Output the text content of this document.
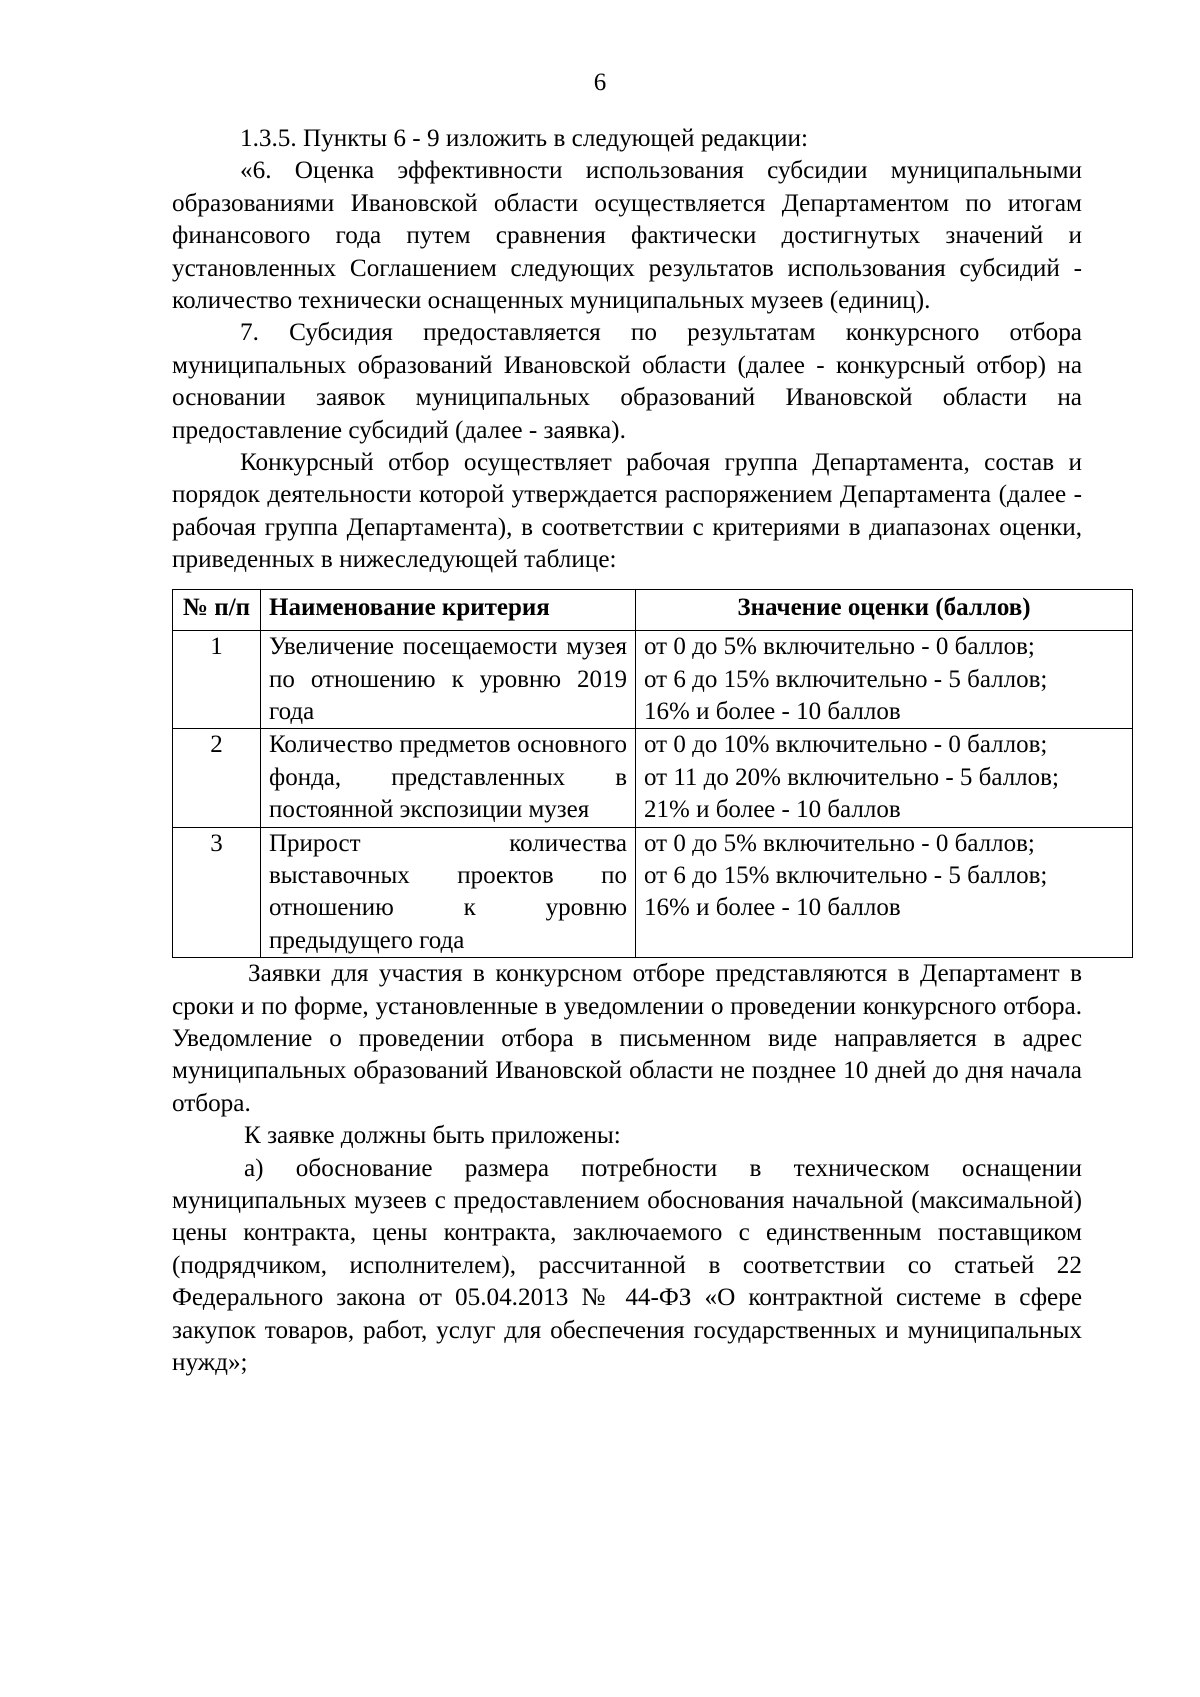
6

1.3.5. Пункты 6 - 9 изложить в следующей редакции:

«6. Оценка эффективности использования субсидии муниципальными образованиями Ивановской области осуществляется Департаментом по итогам финансового года путем сравнения фактически достигнутых значений и установленных Соглашением следующих результатов использования субсидий - количество технически оснащенных муниципальных музеев (единиц).

7. Субсидия предоставляется по результатам конкурсного отбора муниципальных образований Ивановской области (далее - конкурсный отбор) на основании заявок муниципальных образований Ивановской области на предоставление субсидий (далее - заявка).

Конкурсный отбор осуществляет рабочая группа Департамента, состав и порядок деятельности которой утверждается распоряжением Департамента (далее - рабочая группа Департамента), в соответствии с критериями в диапазонах оценки, приведенных в нижеследующей таблице:

№ п/п	Наименование критерия	Значение оценки (баллов)
1	Увеличение посещаемости музея по отношению к уровню 2019 года	от 0 до 5% включительно - 0 баллов;
от 6 до 15% включительно - 5 баллов;
16% и более - 10 баллов

2	Количество предметов основного фонда, представленных в постоянной экспозиции музея	от 0 до 10% включительно - 0 баллов;
от 11 до 20% включительно - 5 баллов;
21% и более - 10 баллов

3	Прирост количества выставочных проектов по отношению к уровню предыдущего года	от 0 до 5% включительно - 0 баллов;
от 6 до 15% включительно - 5 баллов;
16% и более - 10 баллов

Заявки для участия в конкурсном отборе представляются в Департамент в сроки и по форме, установленные в уведомлении о проведении конкурсного отбора. Уведомление о проведении отбора в письменном виде направляется в адрес муниципальных образований Ивановской области не позднее 10 дней до дня начала отбора.

К заявке должны быть приложены:

а) обоснование размера потребности в техническом оснащении муниципальных музеев с предоставлением обоснования начальной (максимальной) цены контракта, цены контракта, заключаемого с единственным поставщиком (подрядчиком, исполнителем), рассчитанной в соответствии со статьей 22 Федерального закона от 05.04.2013 № 44-ФЗ «О контрактной системе в сфере закупок товаров, работ, услуг для обеспечения государственных и муниципальных нужд»;
